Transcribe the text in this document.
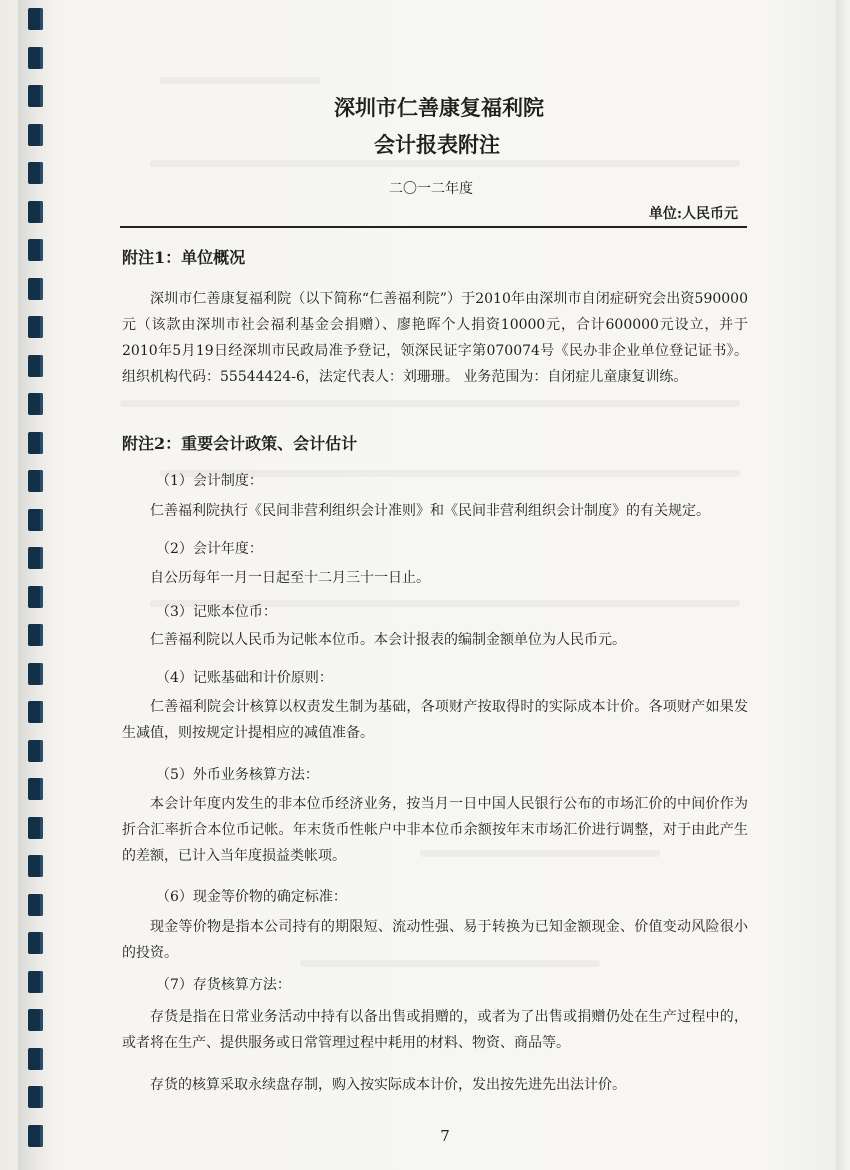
深圳市仁善康复福利院
会计报表附注
二〇一二年度
单位:人民币元
附注1：单位概况

深圳市仁善康复福利院（以下简称“仁善福利院”）于2010年由深圳市自闭症研究会出资590000元（该款由深圳市社会福利基金会捐赠）、廖艳晖个人捐资10000元，合计600000元设立，并于2010年5月19日经深圳市民政局准予登记，领深民证字第070074号《民办非企业单位登记证书》。组织机构代码：55544424-6，法定代表人：刘珊珊。 业务范围为：自闭症儿童康复训练。

附注2：重要会计政策、会计估计

（1）会计制度：

仁善福利院执行《民间非营利组织会计准则》和《民间非营利组织会计制度》的有关规定。

（2）会计年度：

自公历每年一月一日起至十二月三十一日止。

（3）记账本位币：

仁善福利院以人民币为记帐本位币。本会计报表的编制金额单位为人民币元。

（4）记账基础和计价原则：

仁善福利院会计核算以权责发生制为基础，各项财产按取得时的实际成本计价。各项财产如果发生减值，则按规定计提相应的减值准备。

（5）外币业务核算方法：

本会计年度内发生的非本位币经济业务，按当月一日中国人民银行公布的市场汇价的中间价作为折合汇率折合本位币记帐。年末货币性帐户中非本位币余额按年末市场汇价进行调整，对于由此产生的差额，已计入当年度损益类帐项。

（6）现金等价物的确定标准：

现金等价物是指本公司持有的期限短、流动性强、易于转换为已知金额现金、价值变动风险很小的投资。

（7）存货核算方法：

存货是指在日常业务活动中持有以备出售或捐赠的，或者为了出售或捐赠仍处在生产过程中的，或者将在生产、提供服务或日常管理过程中耗用的材料、物资、商品等。

存货的核算采取永续盘存制，购入按实际成本计价，发出按先进先出法计价。

7
